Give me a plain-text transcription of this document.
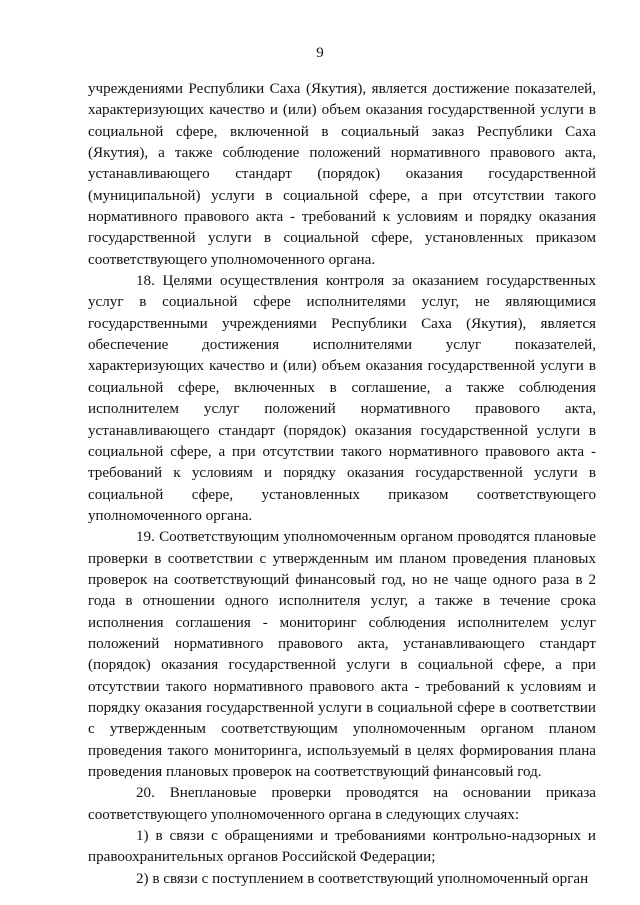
9

учреждениями Республики Саха (Якутия), является достижение показателей, характеризующих качество и (или) объем оказания государственной услуги в социальной сфере, включенной в социальный заказ Республики Саха (Якутия), а также соблюдение положений нормативного правового акта, устанавливающего стандарт (порядок) оказания государственной (муниципальной) услуги в социальной сфере, а при отсутствии такого нормативного правового акта - требований к условиям и порядку оказания государственной услуги в социальной сфере, установленных приказом соответствующего уполномоченного органа.

18. Целями осуществления контроля за оказанием государственных услуг в социальной сфере исполнителями услуг, не являющимися государственными учреждениями Республики Саха (Якутия), является обеспечение достижения исполнителями услуг показателей, характеризующих качество и (или) объем оказания государственной услуги в социальной сфере, включенных в соглашение, а также соблюдения исполнителем услуг положений нормативного правового акта, устанавливающего стандарт (порядок) оказания государственной услуги в социальной сфере, а при отсутствии такого нормативного правового акта - требований к условиям и порядку оказания государственной услуги в социальной сфере, установленных приказом соответствующего уполномоченного органа.

19. Соответствующим уполномоченным органом проводятся плановые проверки в соответствии с утвержденным им планом проведения плановых проверок на соответствующий финансовый год, но не чаще одного раза в 2 года в отношении одного исполнителя услуг, а также в течение срока исполнения соглашения - мониторинг соблюдения исполнителем услуг положений нормативного правового акта, устанавливающего стандарт (порядок) оказания государственной услуги в социальной сфере, а при отсутствии такого нормативного правового акта - требований к условиям и порядку оказания государственной услуги в социальной сфере в соответствии с утвержденным соответствующим уполномоченным органом планом проведения такого мониторинга, используемый в целях формирования плана проведения плановых проверок на соответствующий финансовый год.

20. Внеплановые проверки проводятся на основании приказа соответствующего уполномоченного органа в следующих случаях:

1) в связи с обращениями и требованиями контрольно-надзорных и правоохранительных органов Российской Федерации;

2) в связи с поступлением в соответствующий уполномоченный орган
